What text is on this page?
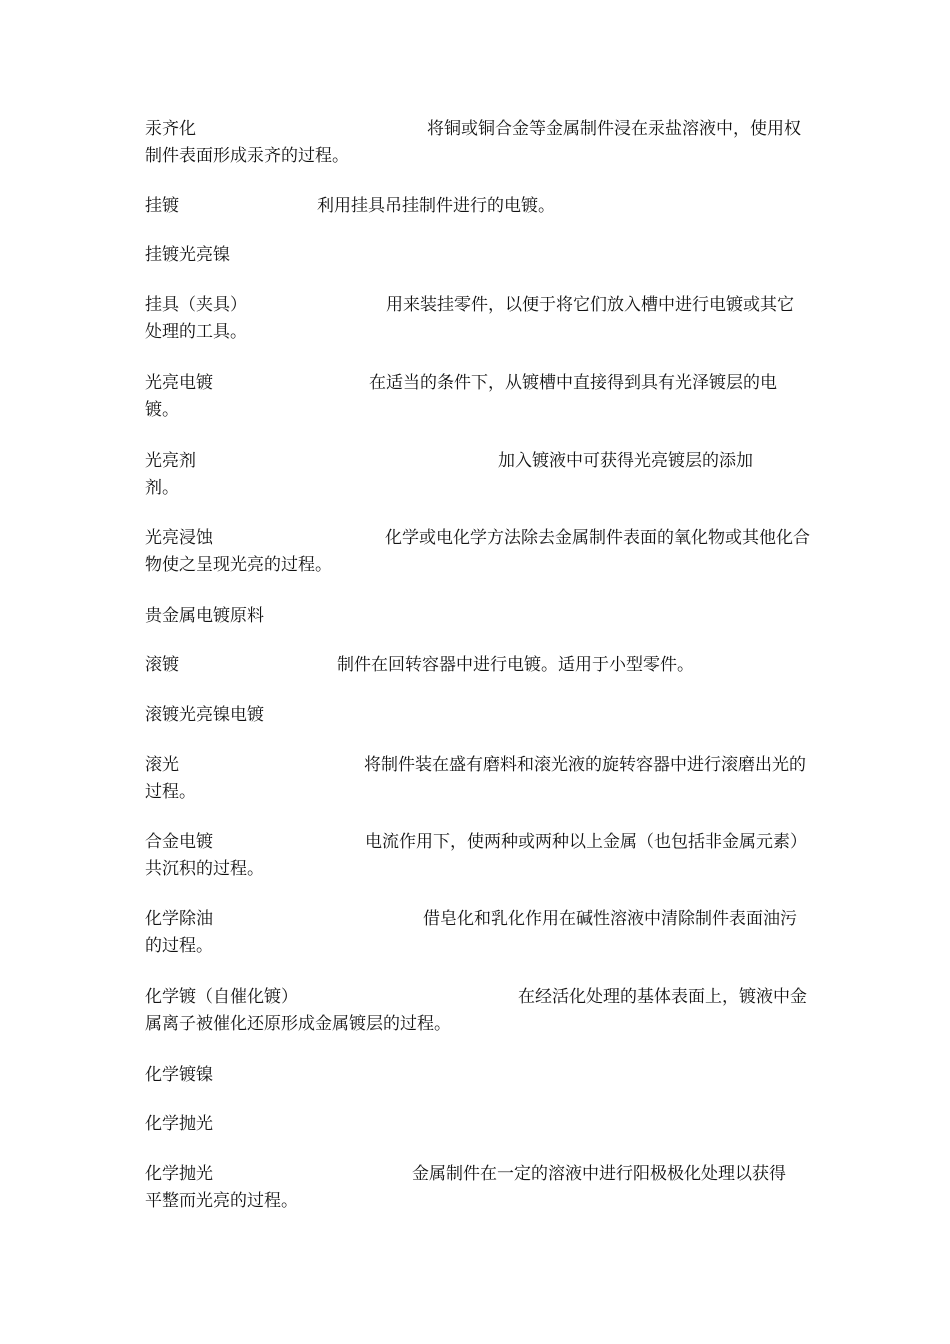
汞齐化	将铜或铜合金等金属制件浸在汞盐溶液中，使用权制件表面形成汞齐的过程。
挂镀	利用挂具吊挂制件进行的电镀。
挂镀光亮镍
挂具（夹具）	用来装挂零件，以便于将它们放入槽中进行电镀或其它处理的工具。
光亮电镀	在适当的条件下，从镀槽中直接得到具有光泽镀层的电镀。
光亮剂	加入镀液中可获得光亮镀层的添加剂。
光亮浸蚀	化学或电化学方法除去金属制件表面的氧化物或其他化合物使之呈现光亮的过程。
贵金属电镀原料
滚镀	制件在回转容器中进行电镀。适用于小型零件。
滚镀光亮镍电镀
滚光	将制件装在盛有磨料和滚光液的旋转容器中进行滚磨出光的过程。
合金电镀	电流作用下，使两种或两种以上金属（也包括非金属元素）共沉积的过程。
化学除油	借皂化和乳化作用在碱性溶液中清除制件表面油污的过程。
化学镀（自催化镀）	在经活化处理的基体表面上，镀液中金属离子被催化还原形成金属镀层的过程。
化学镀镍
化学抛光
化学抛光	金属制件在一定的溶液中进行阳极极化处理以获得平整而光亮的过程。
